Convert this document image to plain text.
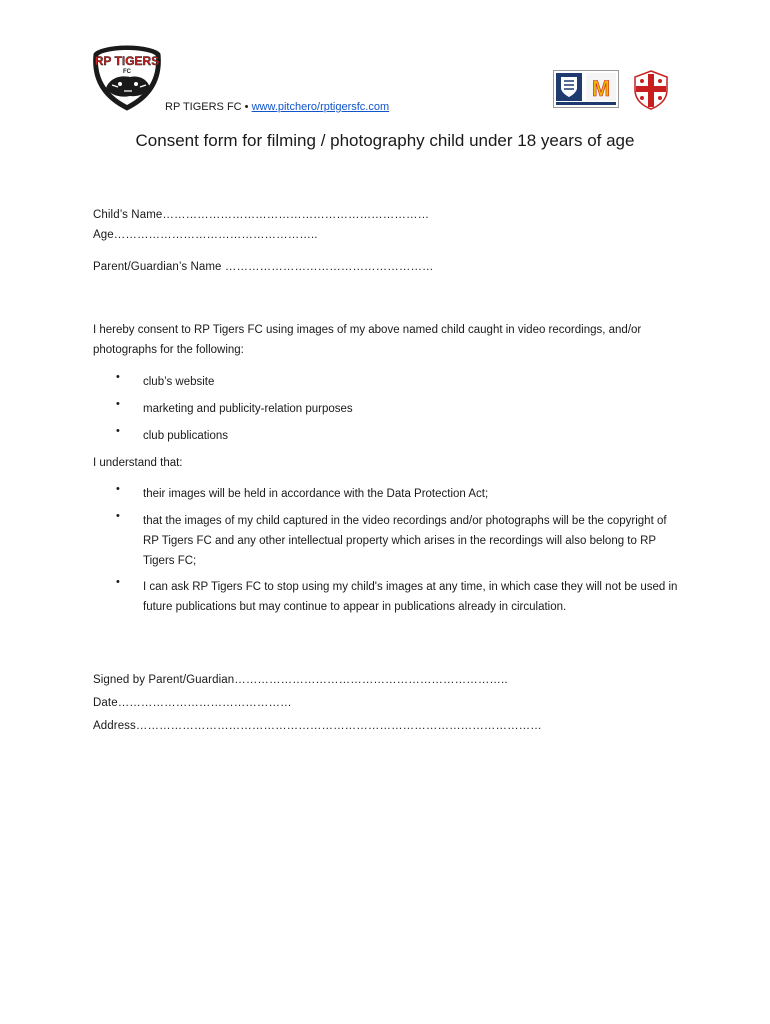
RP TIGERS
FC
RP TIGERS FC • www.pitchero/rptigersfc.com
M
Consent form for filming / photography child under 18 years of age
Child’s Name……………………………………………………………
Age……………………………………………..
Parent/Guardian’s Name ………………………………………………
I hereby consent to RP Tigers FC using images of my above named child caught in video recordings, and/or photographs for the following:
• club’s website
• marketing and publicity-relation purposes
• club publications
I understand that:
• their images will be held in accordance with the Data Protection Act;
• that the images of my child captured in the video recordings and/or photographs will be the copyright of RP Tigers FC and any other intellectual property which arises in the recordings will also belong to RP Tigers FC;
• I can ask RP Tigers FC to stop using my child's images at any time, in which case they will not be used in future publications but may continue to appear in publications already in circulation.
Signed by Parent/Guardian……………………………………………………………..
Date………………………………………
Address……………………………………………………………………………………………
